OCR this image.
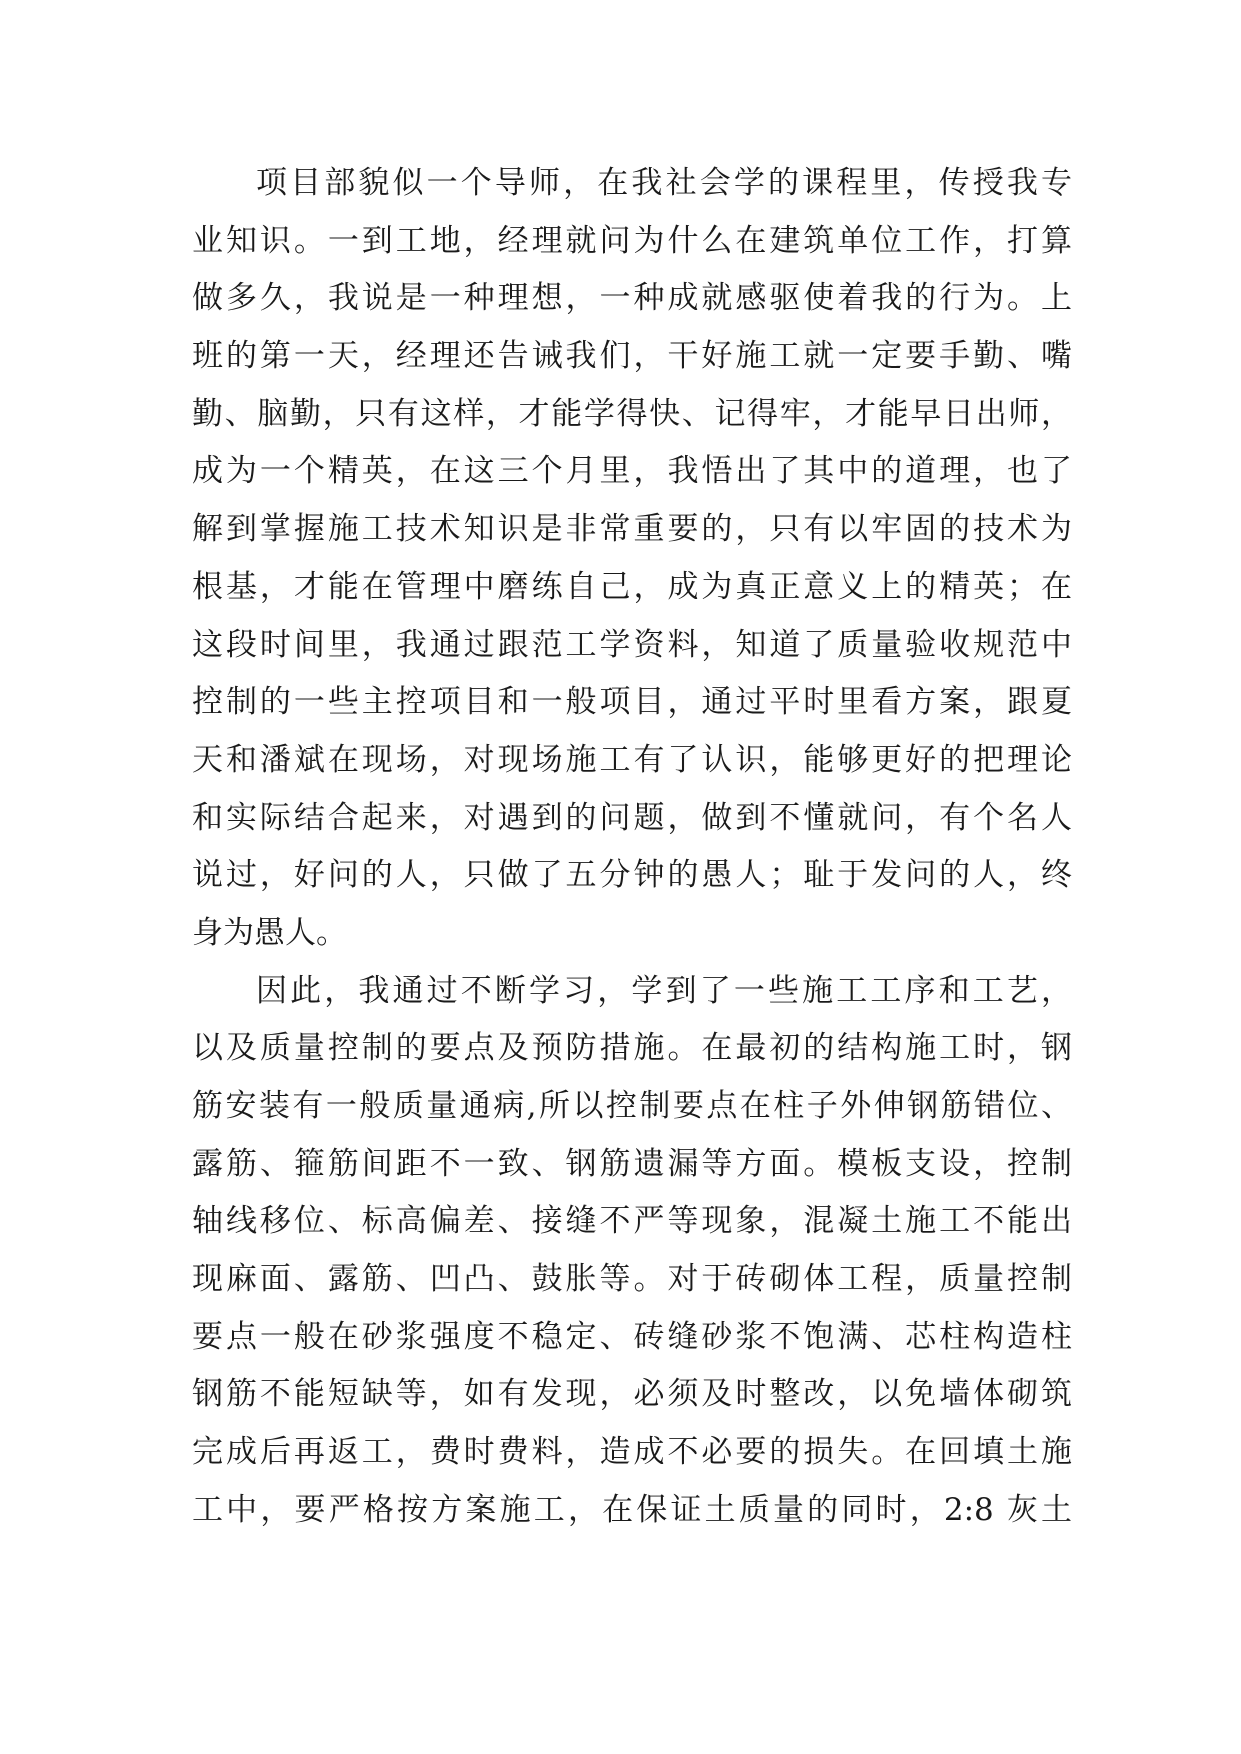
项目部貌似一个导师，在我社会学的课程里，传授我专
业知识。一到工地，经理就问为什么在建筑单位工作，打算
做多久，我说是一种理想，一种成就感驱使着我的行为。上
班的第一天，经理还告诫我们，干好施工就一定要手勤、嘴
勤、脑勤，只有这样，才能学得快、记得牢，才能早日出师，
成为一个精英，在这三个月里，我悟出了其中的道理，也了
解到掌握施工技术知识是非常重要的，只有以牢固的技术为
根基，才能在管理中磨练自己，成为真正意义上的精英；在
这段时间里，我通过跟范工学资料，知道了质量验收规范中
控制的一些主控项目和一般项目，通过平时里看方案，跟夏
天和潘斌在现场，对现场施工有了认识，能够更好的把理论
和实际结合起来，对遇到的问题，做到不懂就问，有个名人
说过，好问的人，只做了五分钟的愚人；耻于发问的人，终
身为愚人。
因此，我通过不断学习，学到了一些施工工序和工艺，
以及质量控制的要点及预防措施。在最初的结构施工时，钢
筋安装有一般质量通病,所以控制要点在柱子外伸钢筋错位、
露筋、箍筋间距不一致、钢筋遗漏等方面。模板支设，控制
轴线移位、标高偏差、接缝不严等现象，混凝土施工不能出
现麻面、露筋、凹凸、鼓胀等。对于砖砌体工程，质量控制
要点一般在砂浆强度不稳定、砖缝砂浆不饱满、芯柱构造柱
钢筋不能短缺等，如有发现，必须及时整改，以免墙体砌筑
完成后再返工，费时费料，造成不必要的损失。在回填土施
工中，要严格按方案施工，在保证土质量的同时，2:8 灰土
